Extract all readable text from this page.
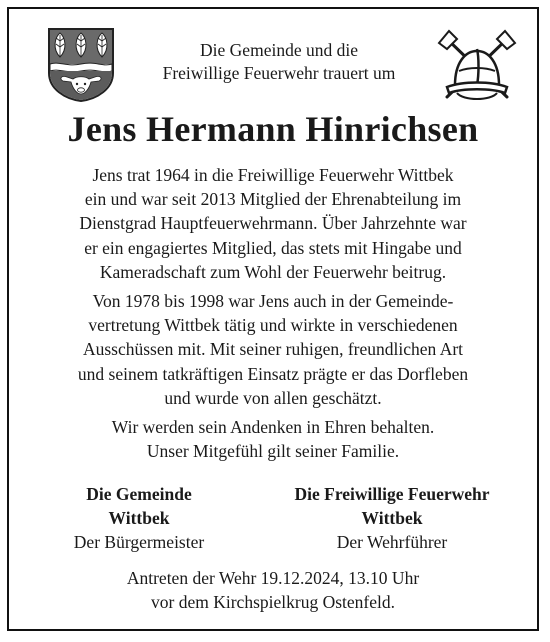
Die Gemeinde und die
Freiwillige Feuerwehr trauert um
Jens Hermann Hinrichsen
Jens trat 1964 in die Freiwillige Feuerwehr Wittbek
ein und war seit 2013 Mitglied der Ehrenabteilung im
Dienstgrad Hauptfeuerwehrmann. Über Jahrzehnte war
er ein engagiertes Mitglied, das stets mit Hingabe und
Kameradschaft zum Wohl der Feuerwehr beitrug.
Von 1978 bis 1998 war Jens auch in der Gemeinde-
vertretung Wittbek tätig und wirkte in verschiedenen
Ausschüssen mit. Mit seiner ruhigen, freundlichen Art
und seinem tatkräftigen Einsatz prägte er das Dorfleben
und wurde von allen geschätzt.
Wir werden sein Andenken in Ehren behalten.
Unser Mitgefühl gilt seiner Familie.
Die Gemeinde
Wittbek
Der Bürgermeister
Die Freiwillige Feuerwehr
Wittbek
Der Wehrführer
Antreten der Wehr 19.12.2024, 13.10 Uhr
vor dem Kirchspielkrug Ostenfeld.
